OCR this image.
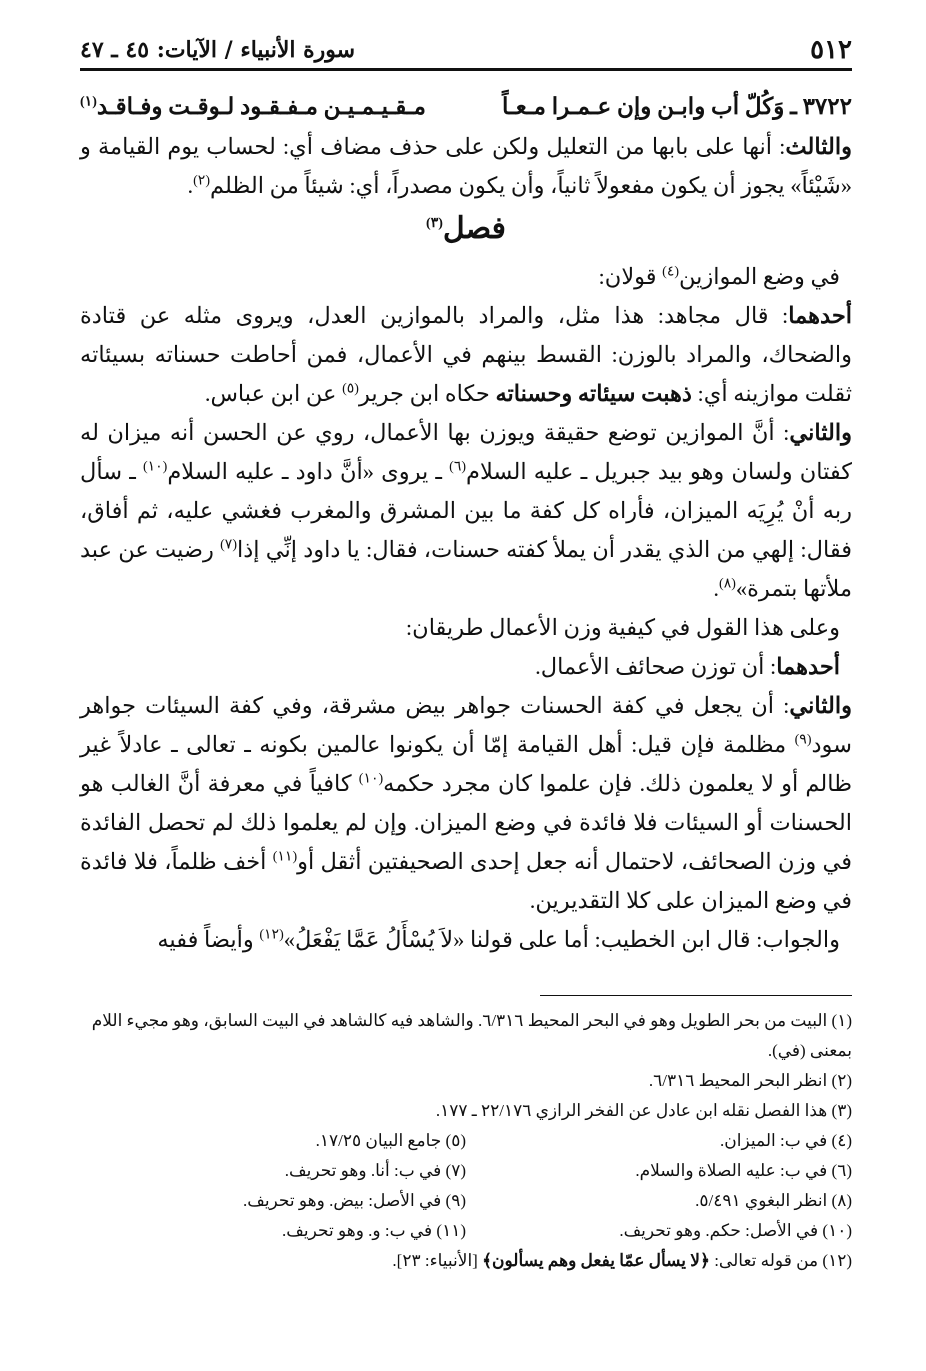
٥١٢
سورة الأنبياء / الآيات: ٤٥ ـ ٤٧
٣٧٢٢ ـ وَكُلّ أب وابـن وإن عـمـرا مـعـاً
مـقـيـمـيـن مـفـقـود لـوقـت وفـاقـد$^{(١)}$

والثالث: أنها على بابها من التعليل ولكن على حذف مضاف أي: لحساب يوم القيامة و «شَيْئاً» يجوز أن يكون مفعولاً ثانياً، وأن يكون مصدراً، أي: شيئاً من الظلم$^{(٢)}$.

فصل$^{(٣)}$

في وضع الموازين$^{(٤)}$ قولان:

أحدهما: قال مجاهد: هذا مثل، والمراد بالموازين العدل، ويروى مثله عن قتادة والضحاك، والمراد بالوزن: القسط بينهم في الأعمال، فمن أحاطت حسناته بسيئاته ثقلت موازينه أي: ذهبت سيئاته وحسناته حكاه ابن جرير$^{(٥)}$ عن ابن عباس.

والثاني: أنَّ الموازين توضع حقيقة ويوزن بها الأعمال، روي عن الحسن أنه ميزان له كفتان ولسان وهو بيد جبريل ـ عليه السلام$^{(٦)}$ ـ يروى «أنَّ داود ـ عليه السلام$^{(١٠)}$ ـ سأل ربه أنْ يُرِيَه الميزان، فأراه كل كفة ما بين المشرق والمغرب فغشي عليه، ثم أفاق، فقال: إلهي من الذي يقدر أن يملأ كفته حسنات، فقال: يا داود إنِّي إذا$^{(٧)}$ رضيت عن عبد ملأتها بتمرة»$^{(٨)}$.

وعلى هذا القول في كيفية وزن الأعمال طريقان:

أحدهما: أن توزن صحائف الأعمال.

والثاني: أن يجعل في كفة الحسنات جواهر بيض مشرقة، وفي كفة السيئات جواهر سود$^{(٩)}$ مظلمة فإن قيل: أهل القيامة إمّا أن يكونوا عالمين بكونه ـ تعالى ـ عادلاً غير ظالم أو لا يعلمون ذلك. فإن علموا كان مجرد حكمه$^{(١٠)}$ كافياً في معرفة أنَّ الغالب هو الحسنات أو السيئات فلا فائدة في وضع الميزان. وإن لم يعلموا ذلك لم تحصل الفائدة في وزن الصحائف، لاحتمال أنه جعل إحدى الصحيفتين أثقل أو$^{(١١)}$ أخف ظلماً، فلا فائدة في وضع الميزان على كلا التقديرين.

والجواب: قال ابن الخطيب: أما على قولنا «لاَ يُسْأَلُ عَمَّا يَفْعَلُ»$^{(١٢)}$ وأيضاً ففيه

(١) البيت من بحر الطويل وهو في البحر المحيط ٦/٣١٦. والشاهد فيه كالشاهد في البيت السابق، وهو مجيء اللام بمعنى (في).

(٢) انظر البحر المحيط ٦/٣١٦.

(٣) هذا الفصل نقله ابن عادل عن الفخر الرازي ٢٢/١٧٦ ـ ١٧٧.

(٤) في ب: الميزان.
(٥) جامع البيان ١٧/٢٥.
(٦) في ب: عليه الصلاة والسلام.
(٧) في ب: أنا. وهو تحريف.
(٨) انظر البغوي ٥/٤٩١.
(٩) في الأصل: بيض. وهو تحريف.
(١٠) في الأصل: حكم. وهو تحريف.
(١١) في ب: و. وهو تحريف.

(١٢) من قوله تعالى: ﴿لا يسأل عمّا يفعل وهم يسألون﴾ [الأنبياء: ٢٣].
